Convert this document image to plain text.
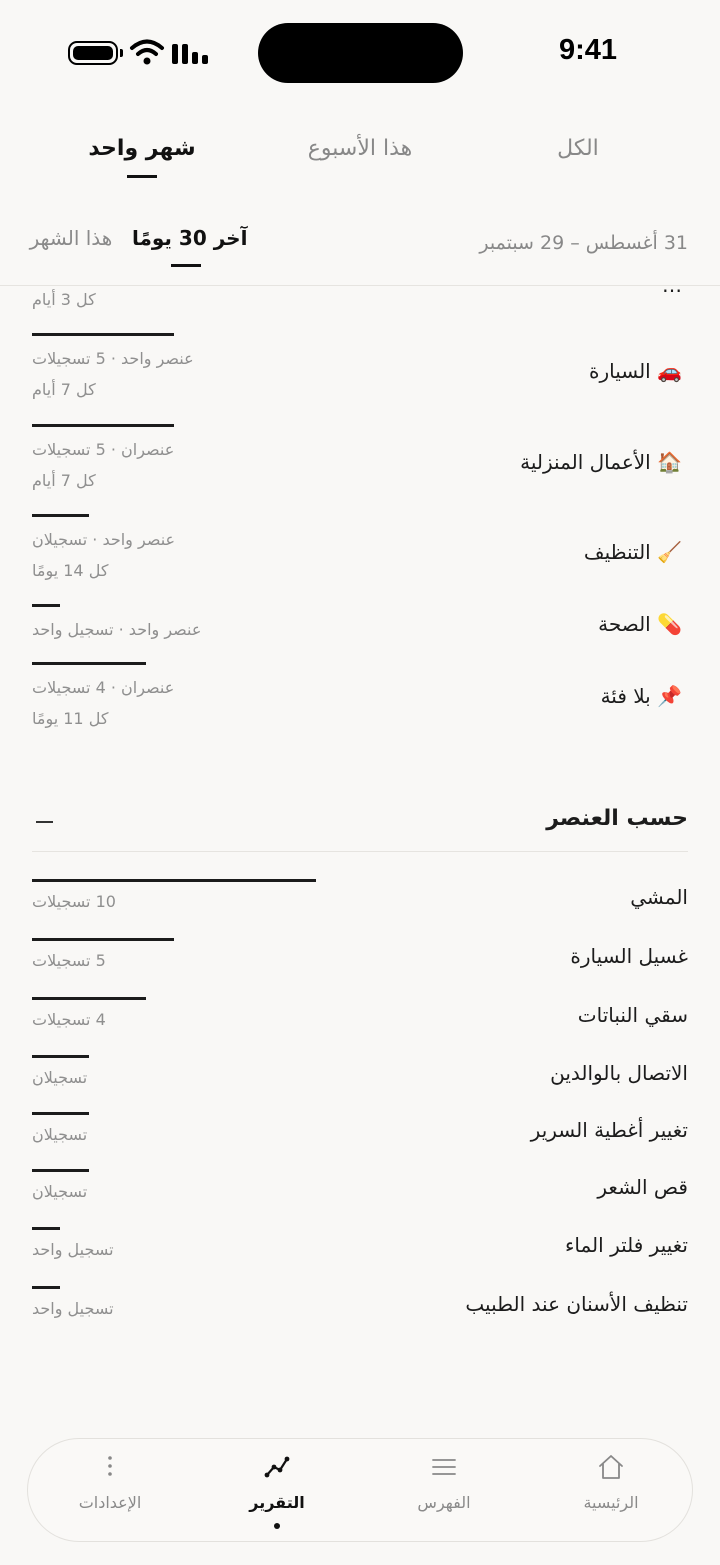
9:41
الكل
هذا الأسبوع
شهر واحد
31 أغسطس – 29 سبتمبر
آخر 30 يومًا
هذا الشهر
…
كل 3 أيام
🚗 السيارة
عنصر واحد · 5 تسجيلات
كل 7 أيام
🏠 الأعمال المنزلية
عنصران · 5 تسجيلات
كل 7 أيام
🧹 التنظيف
عنصر واحد · تسجيلان
كل 14 يومًا
💊 الصحة
عنصر واحد · تسجيل واحد
📌 بلا فئة
عنصران · 4 تسجيلات
كل 11 يومًا
حسب العنصر
المشي
10 تسجيلات
غسيل السيارة
5 تسجيلات
سقي النباتات
4 تسجيلات
الاتصال بالوالدين
تسجيلان
تغيير أغطية السرير
تسجيلان
قص الشعر
تسجيلان
تغيير فلتر الماء
تسجيل واحد
تنظيف الأسنان عند الطبيب
تسجيل واحد
الرئيسية
الفهرس
التقرير
الإعدادات
